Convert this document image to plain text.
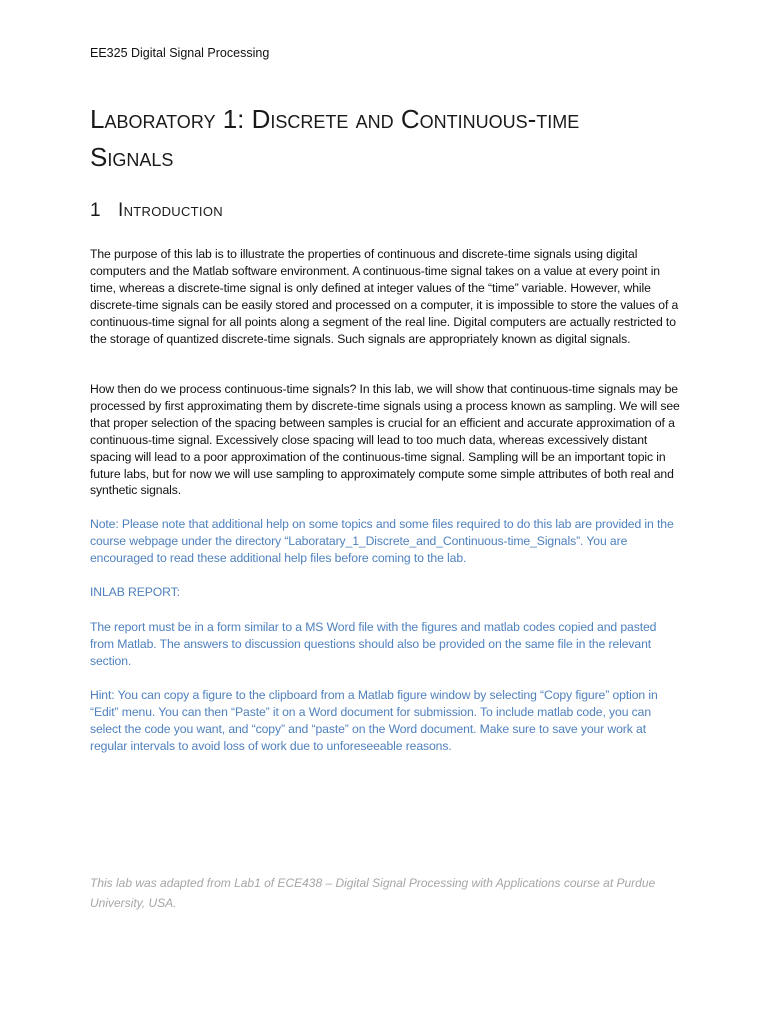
EE325 Digital Signal Processing
Laboratory 1: Discrete and Continuous-time
Signals
1 Introduction

The purpose of this lab is to illustrate the properties of continuous and discrete-time signals using digital computers and the Matlab software environment. A continuous-time signal takes on a value at every point in time, whereas a discrete-time signal is only defined at integer values of the “time” variable. However, while discrete-time signals can be easily stored and processed on a computer, it is impossible to store the values of a continuous-time signal for all points along a segment of the real line. Digital computers are actually restricted to the storage of quantized discrete-time signals. Such signals are appropriately known as digital signals.

How then do we process continuous-time signals? In this lab, we will show that continuous-time signals may be processed by first approximating them by discrete-time signals using a process known as sampling. We will see that proper selection of the spacing between samples is crucial for an efficient and accurate approximation of a continuous-time signal. Excessively close spacing will lead to too much data, whereas excessively distant spacing will lead to a poor approximation of the continuous-time signal. Sampling will be an important topic in future labs, but for now we will use sampling to approximately compute some simple attributes of both real and synthetic signals.

Note: Please note that additional help on some topics and some files required to do this lab are provided in the course webpage under the directory “Laboratary_1_Discrete_and_Continuous-time_Signals”. You are encouraged to read these additional help files before coming to the lab.

INLAB REPORT:

The report must be in a form similar to a MS Word file with the figures and matlab codes copied and pasted from Matlab. The answers to discussion questions should also be provided on the same file in the relevant section.

Hint: You can copy a figure to the clipboard from a Matlab figure window by selecting “Copy figure” option in “Edit” menu. You can then “Paste” it on a Word document for submission. To include matlab code, you can select the code you want, and “copy” and “paste” on the Word document. Make sure to save your work at regular intervals to avoid loss of work due to unforeseeable reasons.

This lab was adapted from Lab1 of ECE438 – Digital Signal Processing with Applications course at Purdue University, USA.
